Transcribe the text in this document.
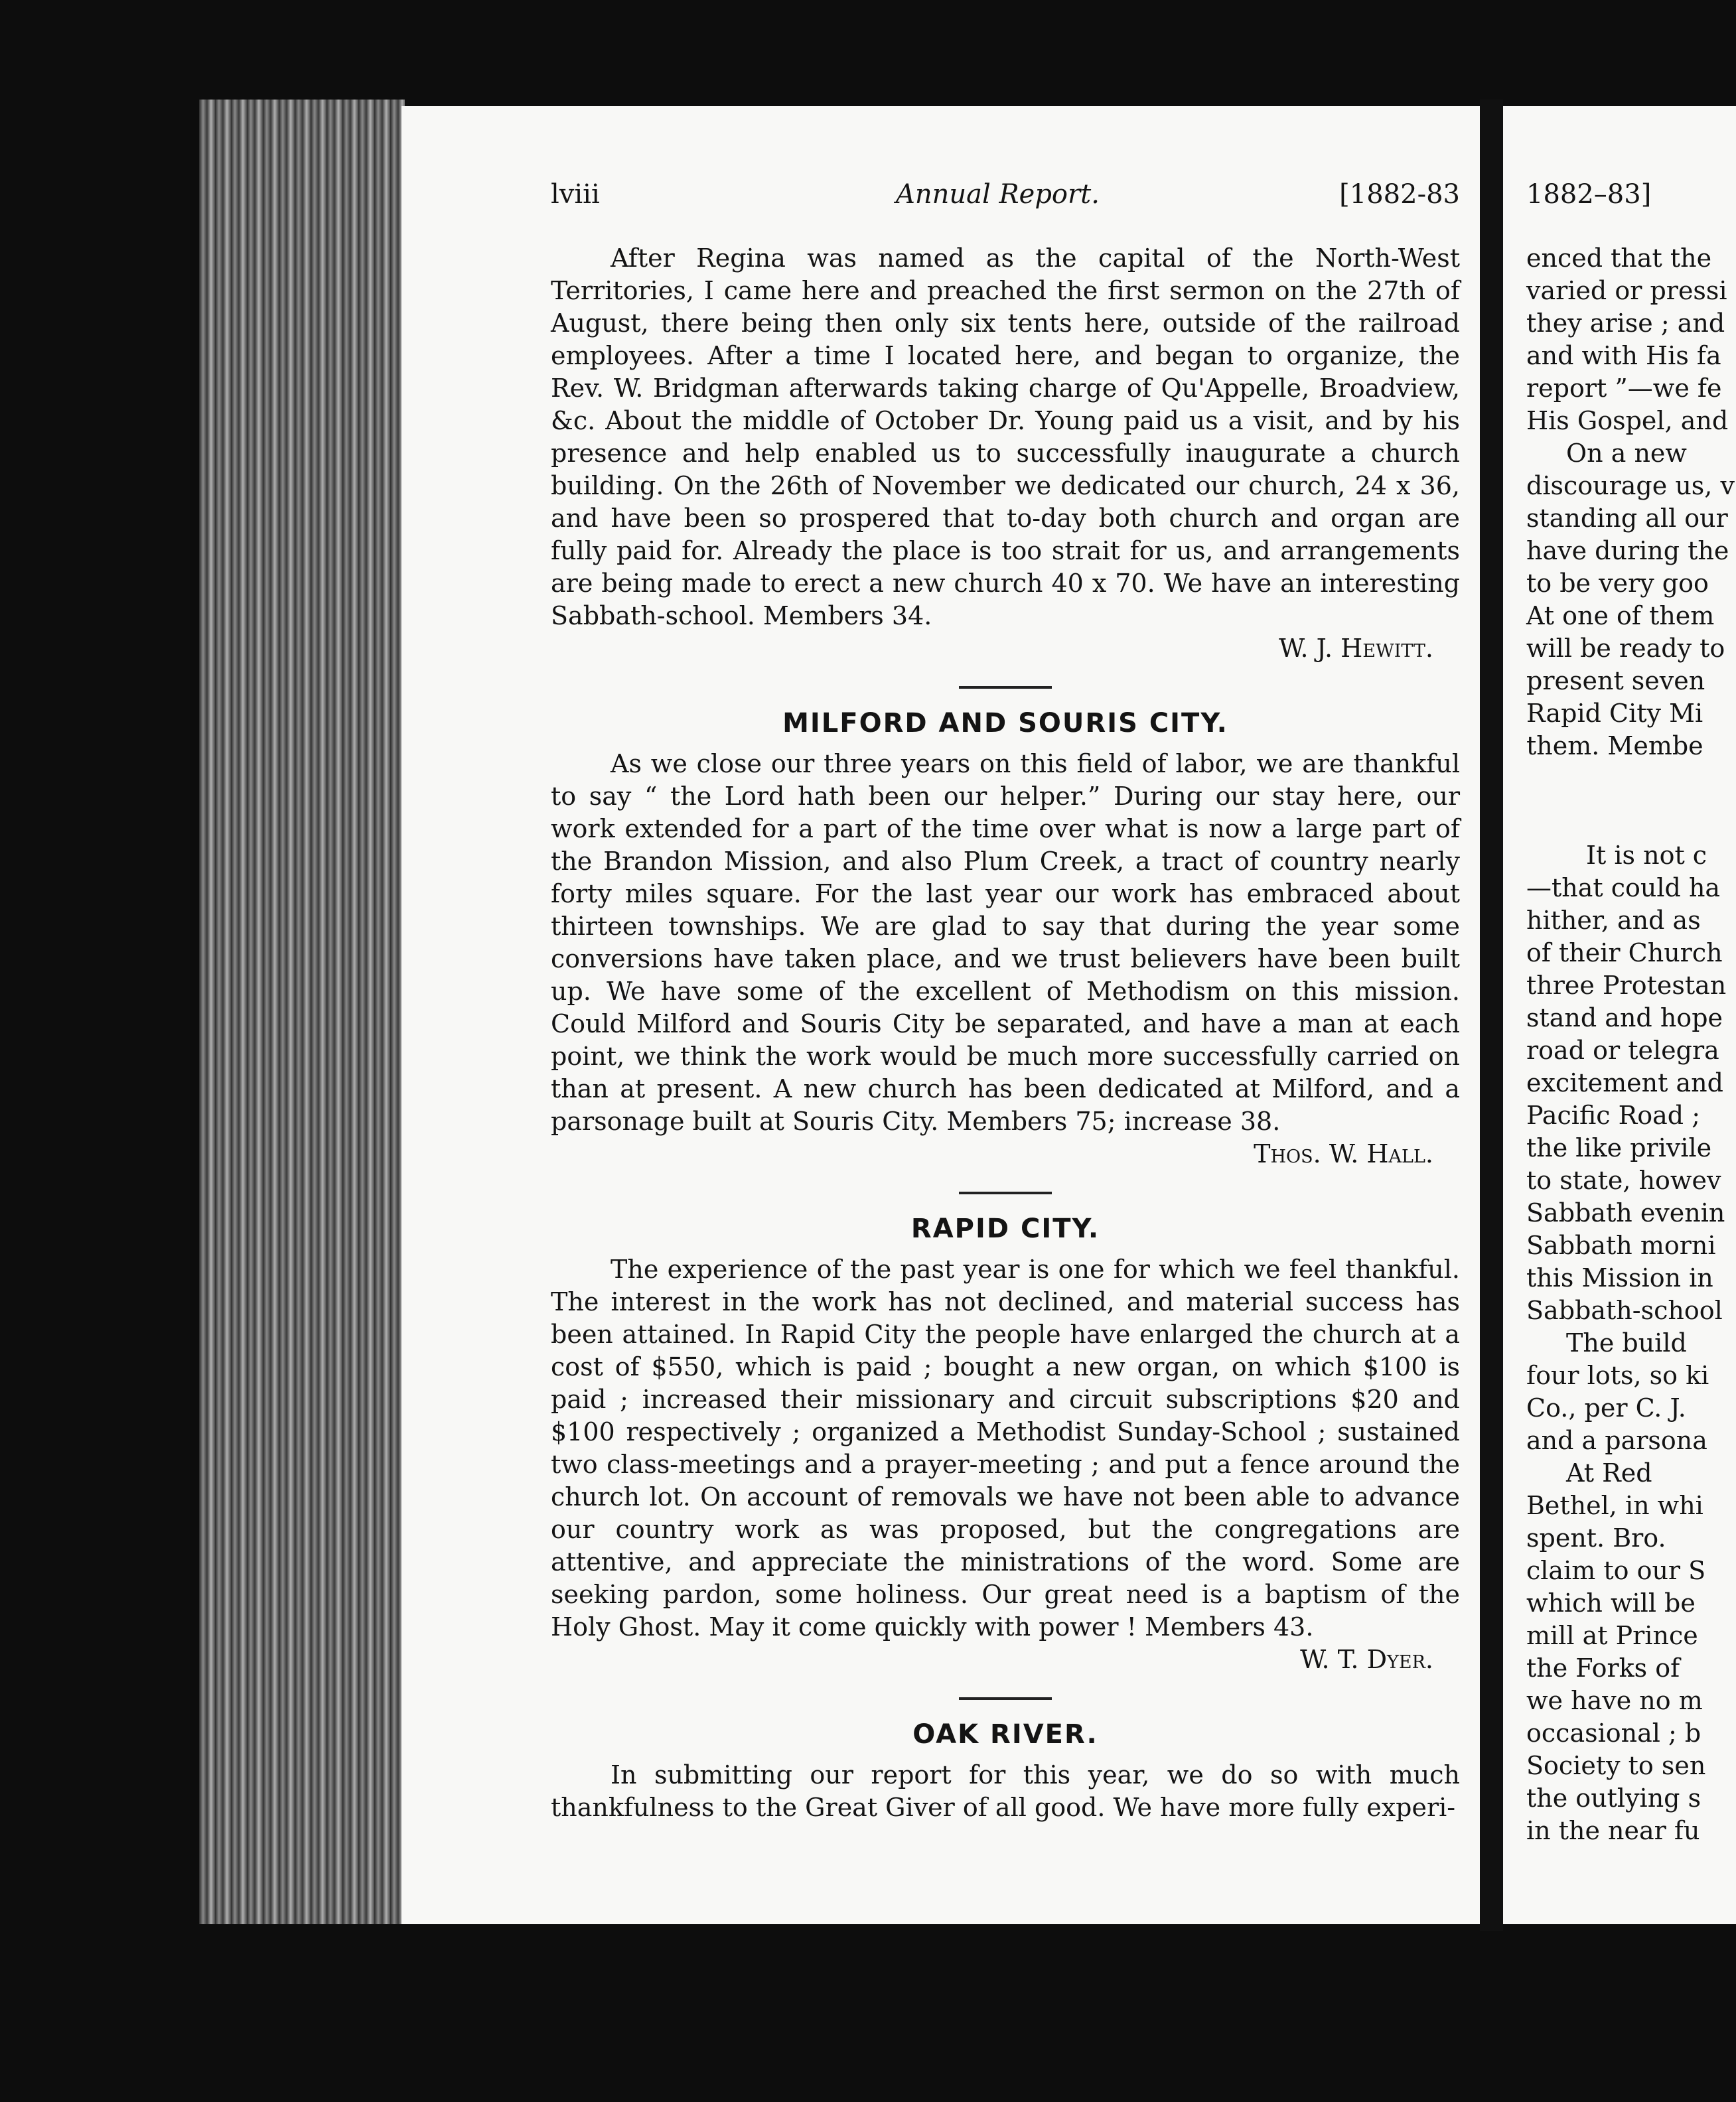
lviii	Annual Report.	[1882-83

After Regina was named as the capital of the North-West Territories, I came here and preached the first sermon on the 27th of August, there being then only six tents here, outside of the railroad employees. After a time I located here, and began to organize, the Rev. W. Bridgman afterwards taking charge of Qu'Appelle, Broadview, &c. About the middle of October Dr. Young paid us a visit, and by his presence and help enabled us to successfully inaugurate a church building. On the 26th of November we dedicated our church, 24 x 36, and have been so prospered that to-day both church and organ are fully paid for. Already the place is too strait for us, and arrangements are being made to erect a new church 40 x 70. We have an interesting Sabbath-school. Members 34.

W. J. Hewitt.

MILFORD AND SOURIS CITY.

As we close our three years on this field of labor, we are thankful to say “ the Lord hath been our helper.” During our stay here, our work extended for a part of the time over what is now a large part of the Brandon Mission, and also Plum Creek, a tract of country nearly forty miles square. For the last year our work has embraced about thirteen townships. We are glad to say that during the year some conversions have taken place, and we trust believers have been built up. We have some of the excellent of Methodism on this mission. Could Milford and Souris City be separated, and have a man at each point, we think the work would be much more successfully carried on than at present. A new church has been dedicated at Milford, and a parsonage built at Souris City. Members 75; increase 38.

Thos. W. Hall.

RAPID CITY.

The experience of the past year is one for which we feel thankful. The interest in the work has not declined, and material success has been attained. In Rapid City the people have enlarged the church at a cost of $550, which is paid ; bought a new organ, on which $100 is paid ; increased their missionary and circuit subscriptions $20 and $100 respectively ; organized a Methodist Sunday-School ; sustained two class-meetings and a prayer-meeting ; and put a fence around the church lot. On account of removals we have not been able to advance our country work as was proposed, but the congregations are attentive, and appreciate the ministrations of the word. Some are seeking pardon, some holiness. Our great need is a baptism of the Holy Ghost. May it come quickly with power ! Members 43.

W. T. Dyer.

OAK RIVER.

In submitting our report for this year, we do so with much thankfulness to the Great Giver of all good. We have more fully experi-

1882–83]

enced that the

varied or pressi

they arise ; and

and with His fa

report ”—we fe

His Gospel, and

On a new

discourage us, v

standing all our

have during the

to be very goo

At one of them

will be ready to

present seven

Rapid City Mi

them. Membe

It is not c

—that could ha

hither, and as

of their Church

three Protestan

stand and hope

road or telegra

excitement and

Pacific Road ;

the like privile

to state, howev

Sabbath evenin

Sabbath morni

this Mission in

Sabbath-school

The build

four lots, so ki

Co., per C. J.

and a parsona

At Red

Bethel, in whi

spent. Bro.

claim to our S

which will be

mill at Prince

the Forks of

we have no m

occasional ; b

Society to sen

the outlying s

in the near fu
